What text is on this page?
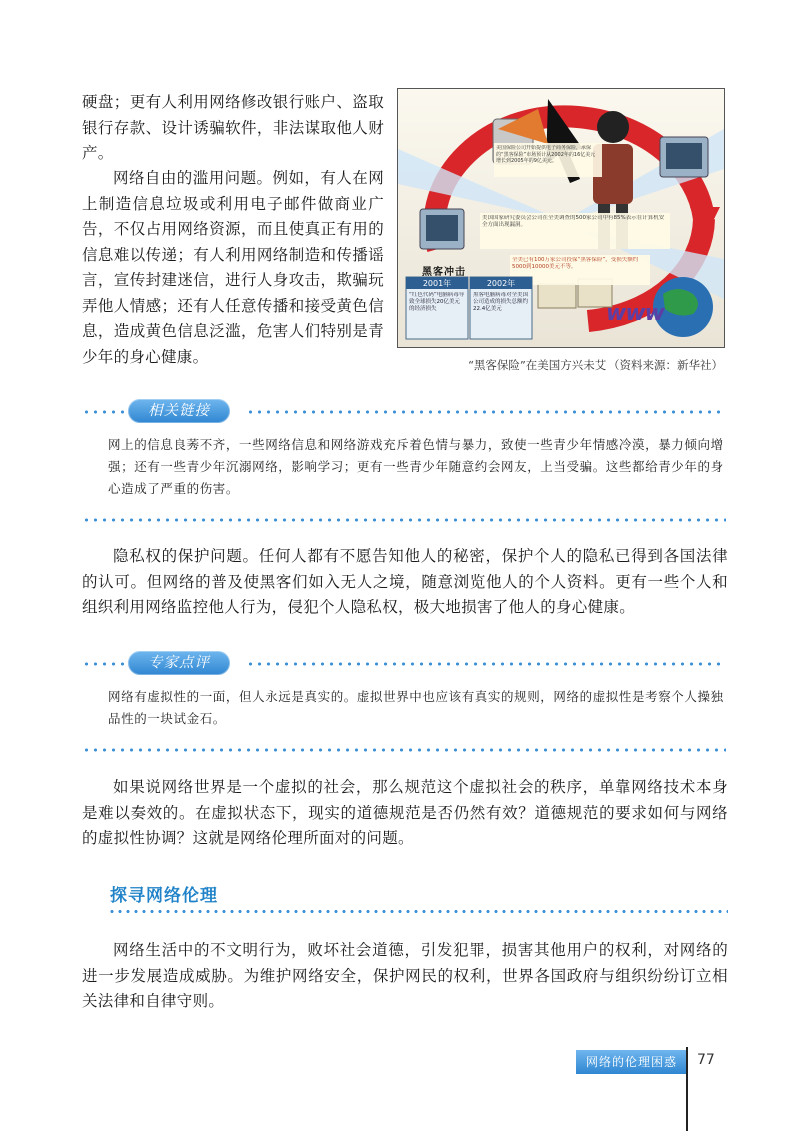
硬盘；更有人利用网络修改银行账户、盗取银行存款、设计诱骗软件，非法谋取他人财产。

网络自由的滥用问题。例如，有人在网上制造信息垃圾或利用电子邮件做商业广告，不仅占用网络资源，而且使真正有用的信息难以传递；有人利用网络制造和传播谣言，宣传封建迷信，进行人身攻击，欺骗玩弄他人情感；还有人任意传播和接受黄色信息，造成黄色信息泛滥，危害人们特别是青少年的身心健康。

美国保险公司开始提供电子商务保险，承保的“黑客保险”市场预计从2002年的16亿美元增长到2005年的9亿美元。
美国国家研究委员会公司在全美调查的500家公司中有85%表示在计算机安全方面出现漏洞。
全美已有100万家公司投保“黑客保险”，受损失额约5000到10000美元不等。
黑客冲击
2001年
“红色代码”电脑病毒导致全球损失20亿美元的经济损失
2002年
黑客电脑病毒对全美国公司造成的损失总额约22.4亿美元	www
“黑客保险”在美国方兴未艾 （资料来源：新华社）
相关链接

网上的信息良莠不齐，一些网络信息和网络游戏充斥着色情与暴力，致使一些青少年情感冷漠，暴力倾向增强；还有一些青少年沉溺网络，影响学习；更有一些青少年随意约会网友，上当受骗。这些都给青少年的身心造成了严重的伤害。

隐私权的保护问题。任何人都有不愿告知他人的秘密，保护个人的隐私已得到各国法律的认可。但网络的普及使黑客们如入无人之境，随意浏览他人的个人资料。更有一些个人和组织利用网络监控他人行为，侵犯个人隐私权，极大地损害了他人的身心健康。

专家点评

网络有虚拟性的一面，但人永远是真实的。虚拟世界中也应该有真实的规则，网络的虚拟性是考察个人操独品性的一块试金石。

如果说网络世界是一个虚拟的社会，那么规范这个虚拟社会的秩序，单靠网络技术本身是难以奏效的。在虚拟状态下，现实的道德规范是否仍然有效？道德规范的要求如何与网络的虚拟性协调？这就是网络伦理所面对的问题。

探寻网络伦理

网络生活中的不文明行为，败坏社会道德，引发犯罪，损害其他用户的权利，对网络的进一步发展造成威胁。为维护网络安全，保护网民的权利，世界各国政府与组织纷纷订立相关法律和自律守则。

网络的伦理困惑	77
